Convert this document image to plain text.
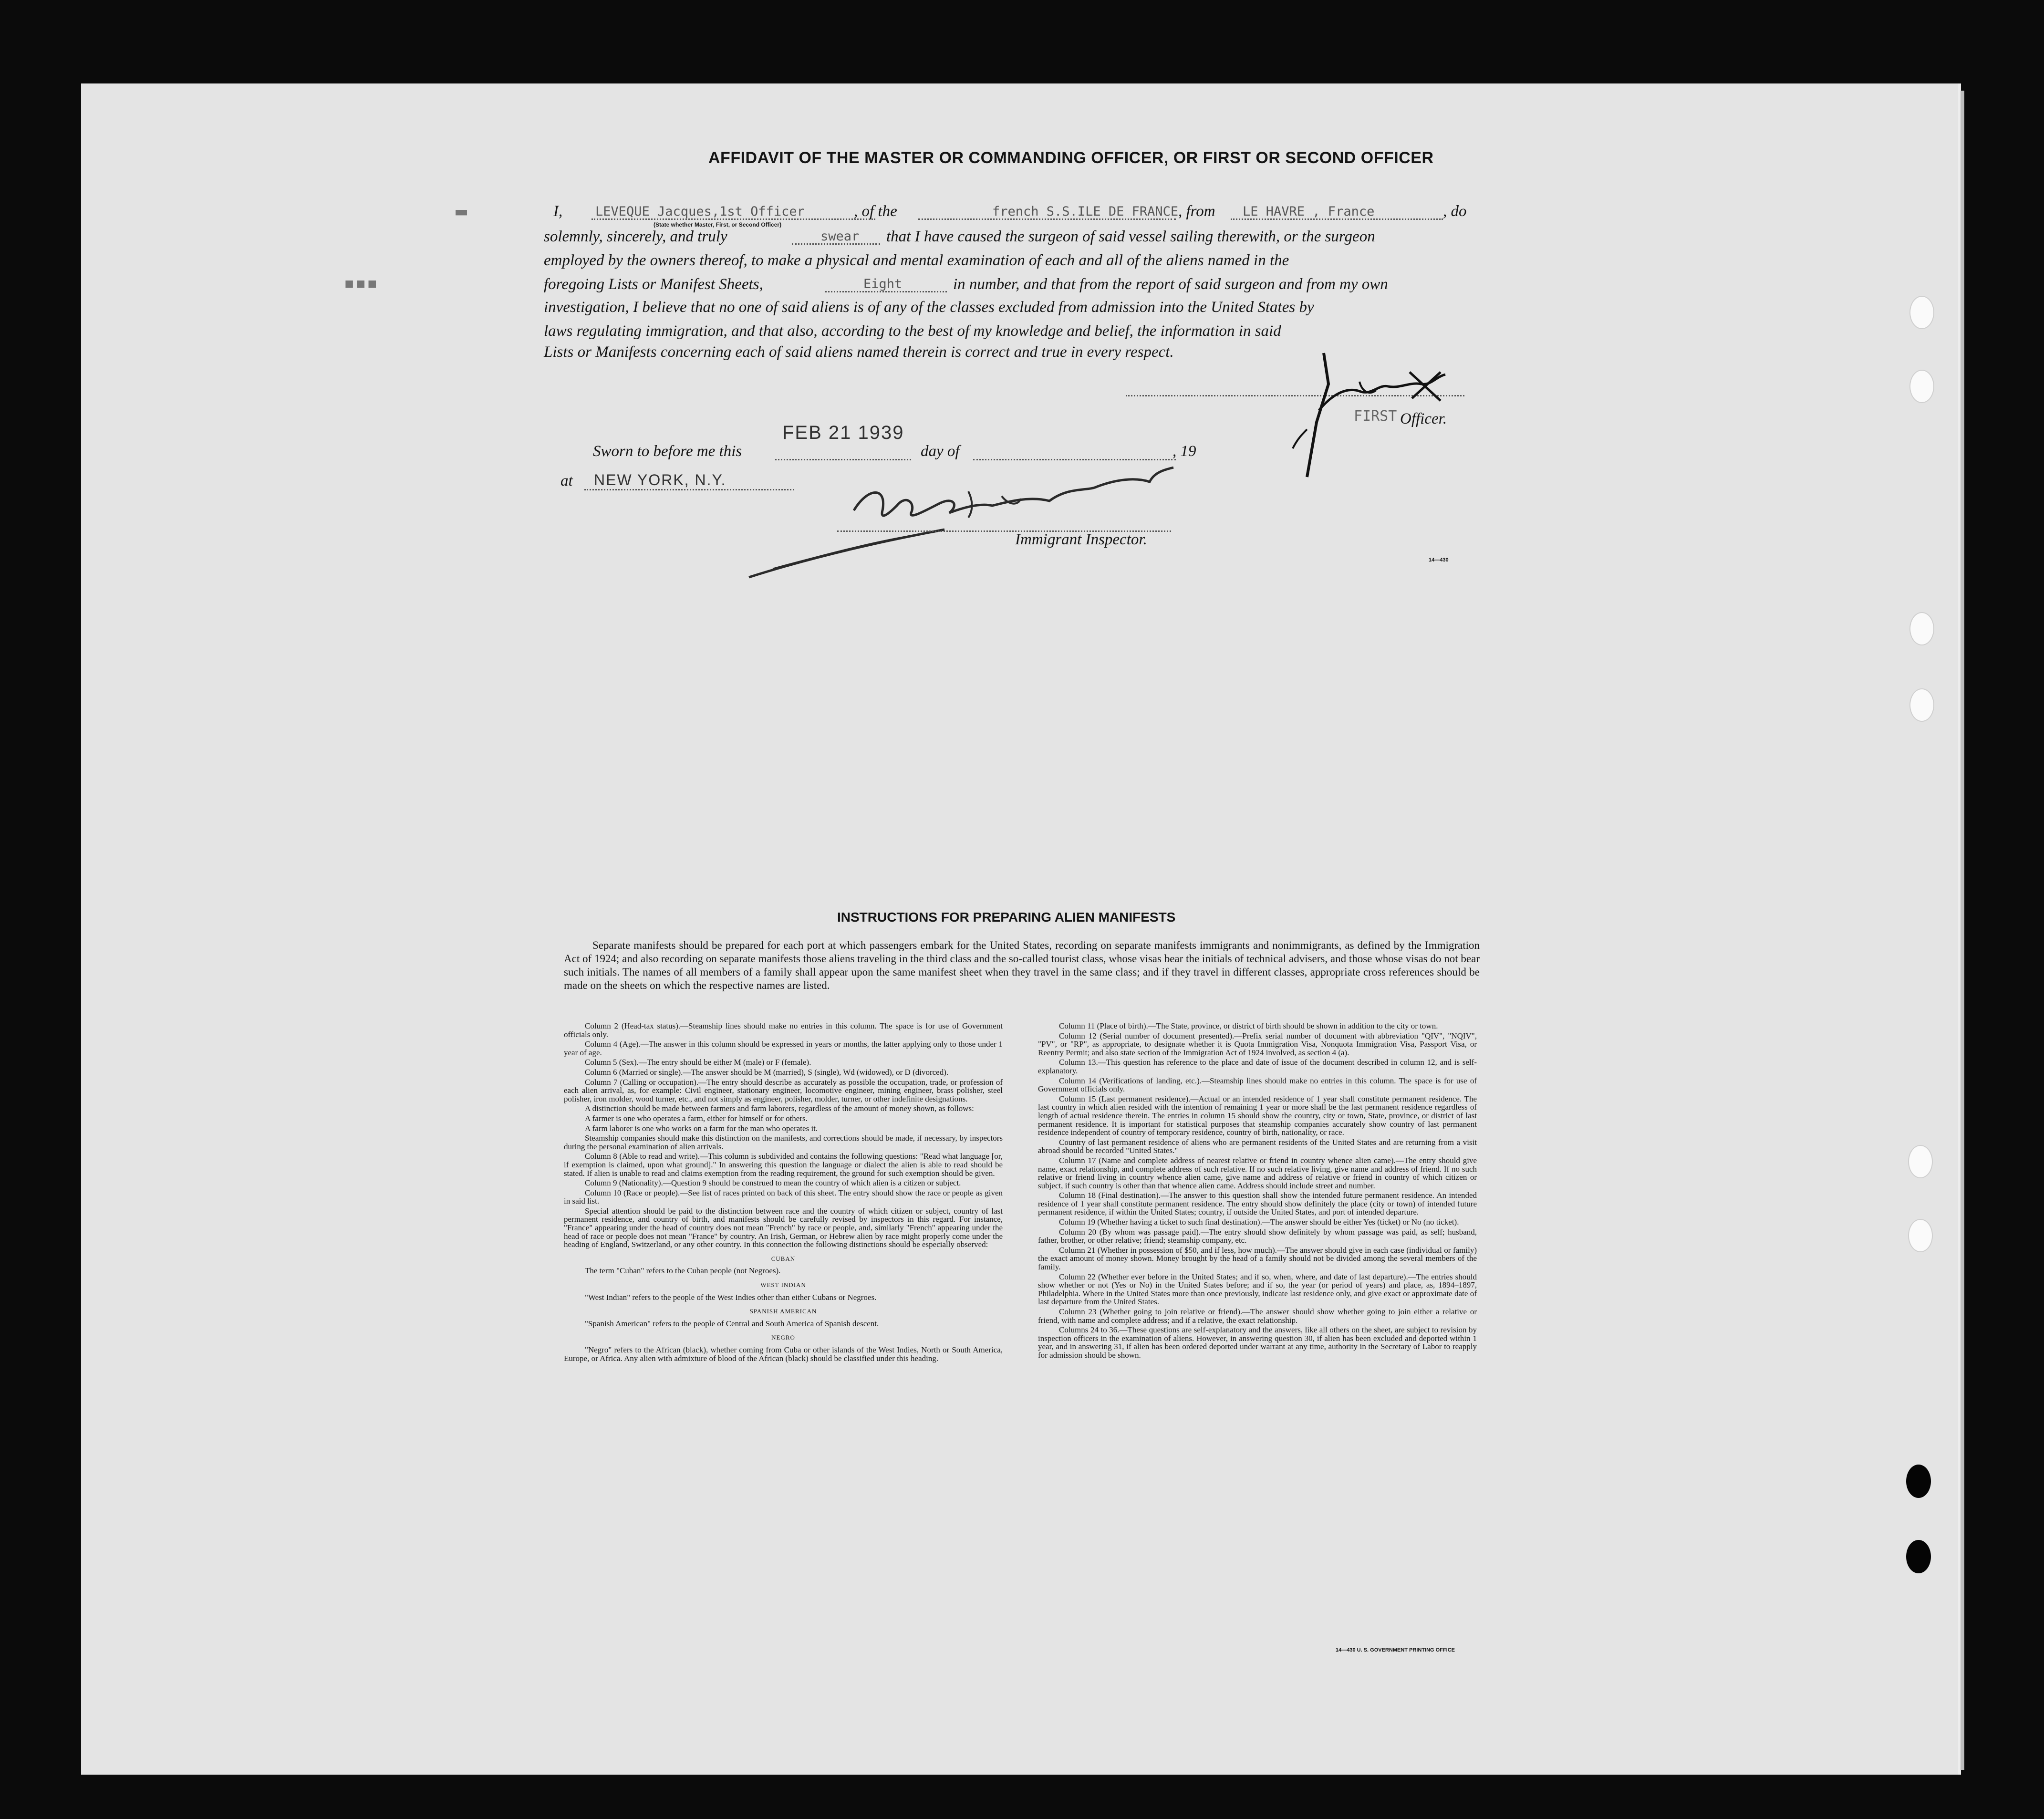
▪▪▪
▬
AFFIDAVIT OF THE MASTER OR COMMANDING OFFICER, OR FIRST OR SECOND OFFICER
I,	LEVEQUE Jacques,1st Officer	, of the	french S.S.ILE DE FRANCE , from LE HAVRE , France	, do
(State whether Master, First, or Second Officer)
solemnly, sincerely, and truly	swear that I have caused the surgeon of said vessel sailing therewith, or the surgeon
employed by the owners thereof, to make a physical and mental examination of each and all of the aliens named in the
foregoing Lists or Manifest Sheets,	Eight	in number, and that from the report of said surgeon and from my own
investigation, I believe that no one of said aliens is of any of the classes excluded from admission into the United States by
laws regulating immigration, and that also, according to the best of my knowledge and belief, the information in said
Lists or Manifests concerning each of said aliens named therein is correct and true in every respect.
FIRST Officer.
Sworn to before me this
FEB 21 1939
day of	, 19
at NEW YORK, N.Y.
Immigrant Inspector.
14—430
INSTRUCTIONS FOR PREPARING ALIEN MANIFESTS
Separate manifests should be prepared for each port at which passengers embark for the United States, recording on separate manifests immigrants and nonimmigrants, as defined by the Immigration Act of 1924; and also recording on separate manifests those aliens traveling in the third class and the so-called tourist class, whose visas bear the initials of technical advisers, and those whose visas do not bear such initials. The names of all members of a family shall appear upon the same manifest sheet when they travel in the same class; and if they travel in different classes, appropriate cross references should be made on the sheets on which the respective names are listed.

Column 2 (Head-tax status).—Steamship lines should make no entries in this column. The space is for use of Government officials only.

Column 4 (Age).—The answer in this column should be expressed in years or months, the latter applying only to those under 1 year of age.

Column 5 (Sex).—The entry should be either M (male) or F (female).

Column 6 (Married or single).—The answer should be M (married), S (single), Wd (widowed), or D (divorced).

Column 7 (Calling or occupation).—The entry should describe as accurately as possible the occupation, trade, or profession of each alien arrival, as, for example: Civil engineer, stationary engineer, locomotive engineer, mining engineer, brass polisher, steel polisher, iron molder, wood turner, etc., and not simply as engineer, polisher, molder, turner, or other indefinite designations.

A distinction should be made between farmers and farm laborers, regardless of the amount of money shown, as follows:

A farmer is one who operates a farm, either for himself or for others.

A farm laborer is one who works on a farm for the man who operates it.

Steamship companies should make this distinction on the manifests, and corrections should be made, if necessary, by inspectors during the personal examination of alien arrivals.

Column 8 (Able to read and write).—This column is subdivided and contains the following questions: "Read what language [or, if exemption is claimed, upon what ground]." In answering this question the language or dialect the alien is able to read should be stated. If alien is unable to read and claims exemption from the reading requirement, the ground for such exemption should be given.

Column 9 (Nationality).—Question 9 should be construed to mean the country of which alien is a citizen or subject.

Column 10 (Race or people).—See list of races printed on back of this sheet. The entry should show the race or people as given in said list.

Special attention should be paid to the distinction between race and the country of which citizen or subject, country of last permanent residence, and country of birth, and manifests should be carefully revised by inspectors in this regard. For instance, "France" appearing under the head of country does not mean "French" by race or people, and, similarly "French" appearing under the head of race or people does not mean "France" by country. An Irish, German, or Hebrew alien by race might properly come under the heading of England, Switzerland, or any other country. In this connection the following distinctions should be especially observed:

CUBAN

The term "Cuban" refers to the Cuban people (not Negroes).

WEST INDIAN

"West Indian" refers to the people of the West Indies other than either Cubans or Negroes.

SPANISH AMERICAN

"Spanish American" refers to the people of Central and South America of Spanish descent.

NEGRO

"Negro" refers to the African (black), whether coming from Cuba or other islands of the West Indies, North or South America, Europe, or Africa. Any alien with admixture of blood of the African (black) should be classified under this heading.

Column 11 (Place of birth).—The State, province, or district of birth should be shown in addition to the city or town.

Column 12 (Serial number of document presented).—Prefix serial number of document with abbreviation "QIV", "NQIV", "PV", or "RP", as appropriate, to designate whether it is Quota Immigration Visa, Nonquota Immigration Visa, Passport Visa, or Reentry Permit; and also state section of the Immigration Act of 1924 involved, as section 4 (a).

Column 13.—This question has reference to the place and date of issue of the document described in column 12, and is self-explanatory.

Column 14 (Verifications of landing, etc.).—Steamship lines should make no entries in this column. The space is for use of Government officials only.

Column 15 (Last permanent residence).—Actual or an intended residence of 1 year shall constitute permanent residence. The last country in which alien resided with the intention of remaining 1 year or more shall be the last permanent residence regardless of length of actual residence therein. The entries in column 15 should show the country, city or town, State, province, or district of last permanent residence. It is important for statistical purposes that steamship companies accurately show country of last permanent residence independent of country of temporary residence, country of birth, nationality, or race.

Country of last permanent residence of aliens who are permanent residents of the United States and are returning from a visit abroad should be recorded "United States."

Column 17 (Name and complete address of nearest relative or friend in country whence alien came).—The entry should give name, exact relationship, and complete address of such relative. If no such relative living, give name and address of friend. If no such relative or friend living in country whence alien came, give name and address of relative or friend in country of which citizen or subject, if such country is other than that whence alien came. Address should include street and number.

Column 18 (Final destination).—The answer to this question shall show the intended future permanent residence. An intended residence of 1 year shall constitute permanent residence. The entry should show definitely the place (city or town) of intended future permanent residence, if within the United States; country, if outside the United States, and port of intended departure.

Column 19 (Whether having a ticket to such final destination).—The answer should be either Yes (ticket) or No (no ticket).

Column 20 (By whom was passage paid).—The entry should show definitely by whom passage was paid, as self; husband, father, brother, or other relative; friend; steamship company, etc.

Column 21 (Whether in possession of $50, and if less, how much).—The answer should give in each case (individual or family) the exact amount of money shown. Money brought by the head of a family should not be divided among the several members of the family.

Column 22 (Whether ever before in the United States; and if so, when, where, and date of last departure).—The entries should show whether or not (Yes or No) in the United States before; and if so, the year (or period of years) and place, as, 1894–1897, Philadelphia. Where in the United States more than once previously, indicate last residence only, and give exact or approximate date of last departure from the United States.

Column 23 (Whether going to join relative or friend).—The answer should show whether going to join either a relative or friend, with name and complete address; and if a relative, the exact relationship.

Columns 24 to 36.—These questions are self-explanatory and the answers, like all others on the sheet, are subject to revision by inspection officers in the examination of aliens. However, in answering question 30, if alien has been excluded and deported within 1 year, and in answering 31, if alien has been ordered deported under warrant at any time, authority in the Secretary of Labor to reapply for admission should be shown.

14—430 U. S. GOVERNMENT PRINTING OFFICE
